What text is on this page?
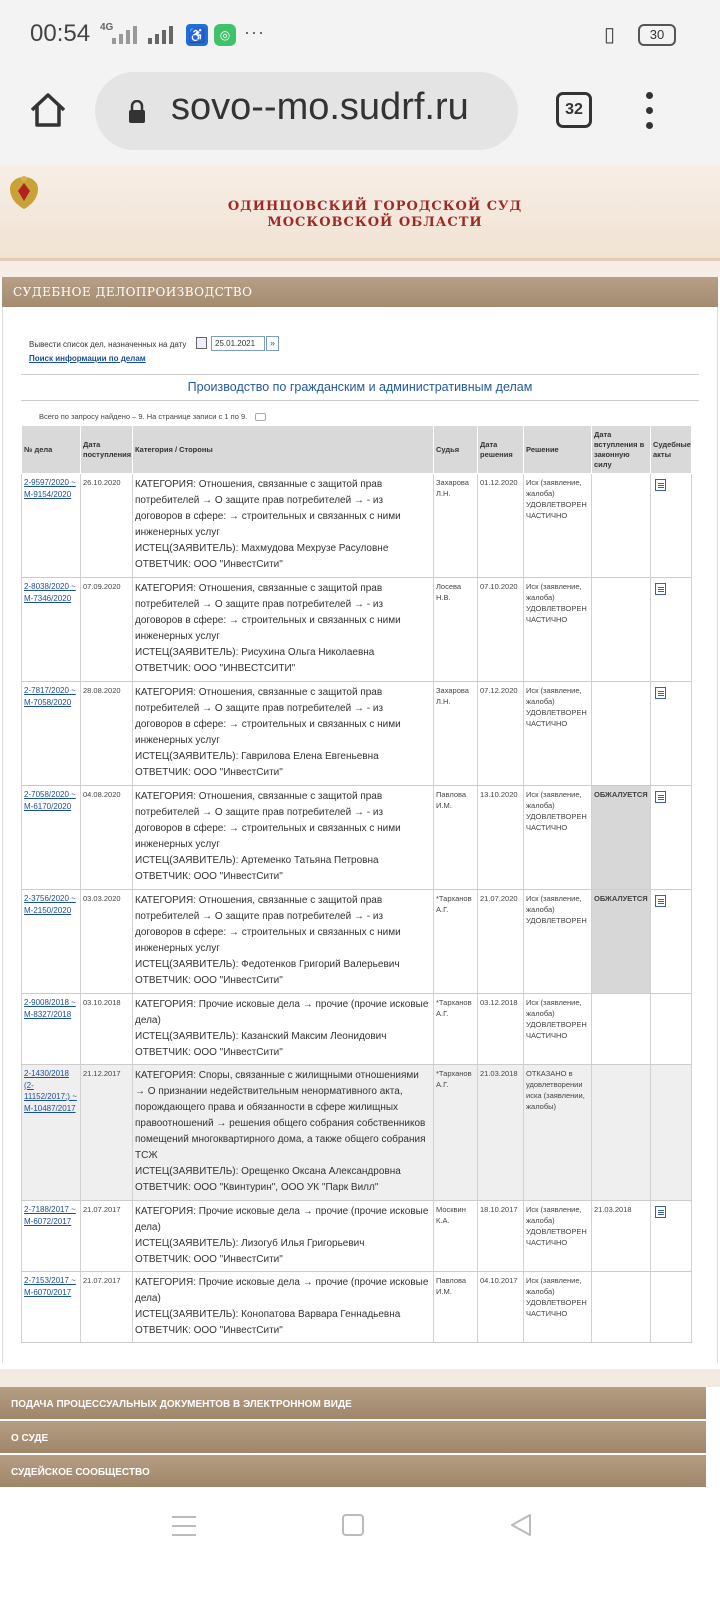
00:54 4G	♿	◎ ···	▯	30
sovo--mo.sudrf.ru	32
ОДИНЦОВСКИЙ ГОРОДСКОЙ СУД
МОСКОВСКОЙ ОБЛАСТИ
СУДЕБНОЕ ДЕЛОПРОИЗВОДСТВО
Вывести список дел, назначенных на дату	25.01.2021	»
Поиск информации по делам
Производство по гражданским и административным делам
Всего по запросу найдено – 9. На странице записи с 1 по 9.
№ дела	Дата поступления	Категория / Стороны	Судья	Дата решения	Решение	Дата вступления в законную силу	Судебные акты

2-9597/2020 ~ М-9154/2020	26.10.2020	КАТЕГОРИЯ: Отношения, связанные с защитой прав потребителей → О защите прав потребителей → - из договоров в сфере: → строительных и связанных с ними инженерных услуг
ИСТЕЦ(ЗАЯВИТЕЛЬ): Махмудова Мехрузе Расуловне
ОТВЕТЧИК: ООО "ИнвестСити"	Захарова Л.Н.	01.12.2020	Иск (заявление, жалоба) УДОВЛЕТВОРЕН ЧАСТИЧНО		

2-8038/2020 ~ М-7346/2020	07.09.2020	КАТЕГОРИЯ: Отношения, связанные с защитой прав потребителей → О защите прав потребителей → - из договоров в сфере: → строительных и связанных с ними инженерных услуг
ИСТЕЦ(ЗАЯВИТЕЛЬ): Рисухина Ольга Николаевна
ОТВЕТЧИК: ООО "ИНВЕСТСИТИ"	Лосева Н.В.	07.10.2020	Иск (заявление, жалоба) УДОВЛЕТВОРЕН ЧАСТИЧНО		

2-7817/2020 ~ М-7058/2020	28.08.2020	КАТЕГОРИЯ: Отношения, связанные с защитой прав потребителей → О защите прав потребителей → - из договоров в сфере: → строительных и связанных с ними инженерных услуг
ИСТЕЦ(ЗАЯВИТЕЛЬ): Гаврилова Елена Евгеньевна
ОТВЕТЧИК: ООО "ИнвестСити"	Захарова Л.Н.	07.12.2020	Иск (заявление, жалоба) УДОВЛЕТВОРЕН ЧАСТИЧНО		

2-7058/2020 ~ М-6170/2020	04.08.2020	КАТЕГОРИЯ: Отношения, связанные с защитой прав потребителей → О защите прав потребителей → - из договоров в сфере: → строительных и связанных с ними инженерных услуг
ИСТЕЦ(ЗАЯВИТЕЛЬ): Артеменко Татьяна Петровна
ОТВЕТЧИК: ООО "ИнвестСити"	Павлова И.М.	13.10.2020	Иск (заявление, жалоба) УДОВЛЕТВОРЕН ЧАСТИЧНО	ОБЖАЛУЕТСЯ	

2-3756/2020 ~ М-2150/2020	03.03.2020	КАТЕГОРИЯ: Отношения, связанные с защитой прав потребителей → О защите прав потребителей → - из договоров в сфере: → строительных и связанных с ними инженерных услуг
ИСТЕЦ(ЗАЯВИТЕЛЬ): Федотенков Григорий Валерьевич
ОТВЕТЧИК: ООО "ИнвестСити"	*Тарханов А.Г.	21.07.2020	Иск (заявление, жалоба) УДОВЛЕТВОРЕН	ОБЖАЛУЕТСЯ	

2-9008/2018 ~ М-8327/2018	03.10.2018	КАТЕГОРИЯ: Прочие исковые дела → прочие (прочие исковые дела)
ИСТЕЦ(ЗАЯВИТЕЛЬ): Казанский Максим Леонидович
ОТВЕТЧИК: ООО "ИнвестСити"	*Тарханов А.Г.	03.12.2018	Иск (заявление, жалоба) УДОВЛЕТВОРЕН ЧАСТИЧНО		

2-1430/2018 (2-11152/2017;) ~ М-10487/2017	21.12.2017	КАТЕГОРИЯ: Споры, связанные с жилищными отношениями → О признании недействительным ненормативного акта, порождающего права и обязанности в сфере жилищных правоотношений → решения общего собрания собственников помещений многоквартирного дома, а также общего собрания ТСЖ
ИСТЕЦ(ЗАЯВИТЕЛЬ): Орещенко Оксана Александровна
ОТВЕТЧИК: ООО "Квинтурин", ООО УК "Парк Вилл"	*Тарханов А.Г.	21.03.2018	ОТКАЗАНО в удовлетворении иска (заявлении, жалобы)		

2-7188/2017 ~ М-6072/2017	21.07.2017	КАТЕГОРИЯ: Прочие исковые дела → прочие (прочие исковые дела)
ИСТЕЦ(ЗАЯВИТЕЛЬ): Лизогуб Илья Григорьевич
ОТВЕТЧИК: ООО "ИнвестСити"	Москвин К.А.	18.10.2017	Иск (заявление, жалоба) УДОВЛЕТВОРЕН ЧАСТИЧНО	21.03.2018	

2-7153/2017 ~ М-6070/2017	21.07.2017	КАТЕГОРИЯ: Прочие исковые дела → прочие (прочие исковые дела)
ИСТЕЦ(ЗАЯВИТЕЛЬ): Конопатова Варвара Геннадьевна
ОТВЕТЧИК: ООО "ИнвестСити"	Павлова И.М.	04.10.2017	Иск (заявление, жалоба) УДОВЛЕТВОРЕН ЧАСТИЧНО		
ПОДАЧА ПРОЦЕССУАЛЬНЫХ ДОКУМЕНТОВ В ЭЛЕКТРОННОМ ВИДЕ
О СУДЕ
СУДЕЙСКОЕ СООБЩЕСТВО
